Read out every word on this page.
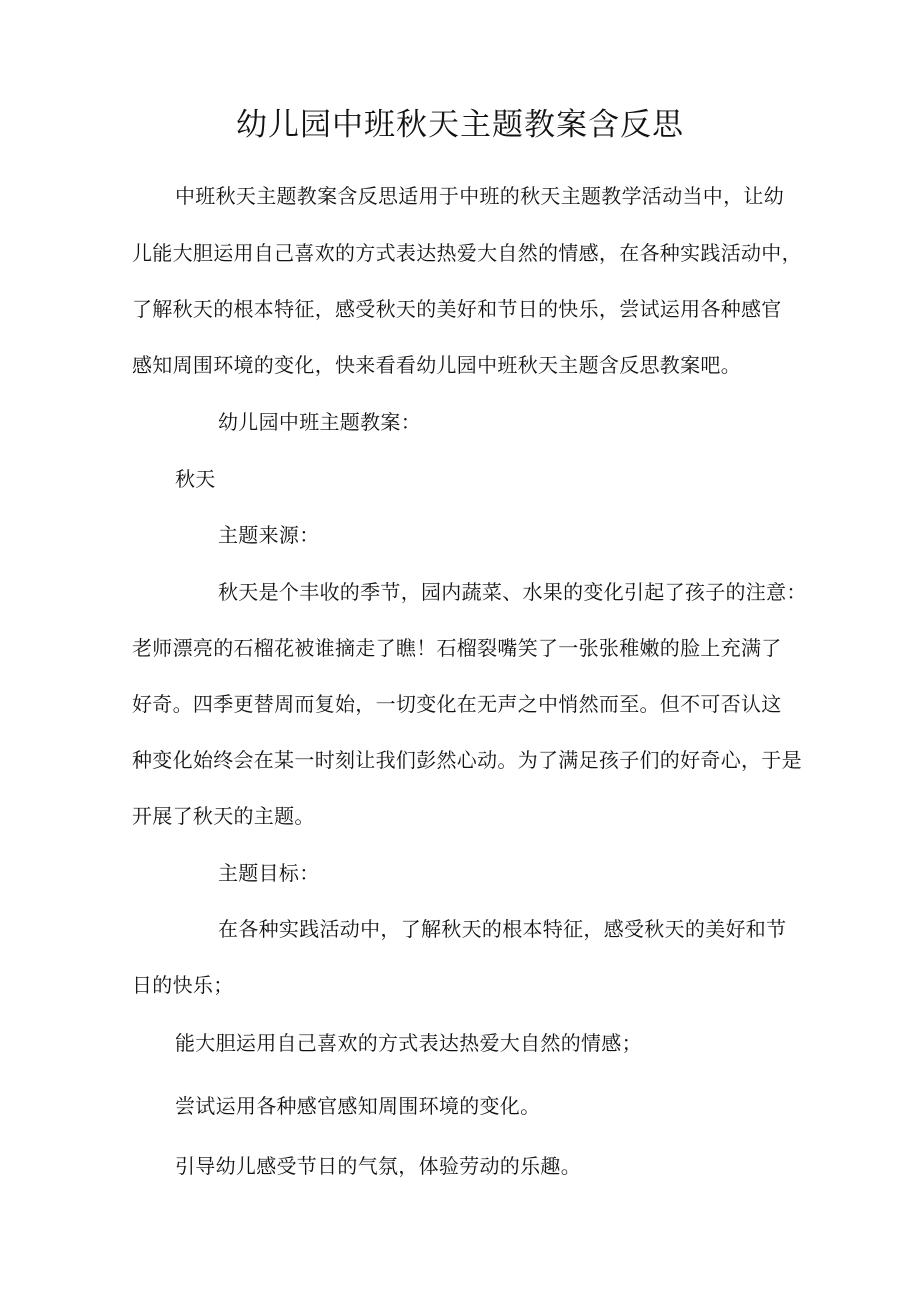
幼儿园中班秋天主题教案含反思
中班秋天主题教案含反思适用于中班的秋天主题教学活动当中，让幼
儿能大胆运用自己喜欢的方式表达热爱大自然的情感，在各种实践活动中，
了解秋天的根本特征，感受秋天的美好和节日的快乐，尝试运用各种感官
感知周围环境的变化，快来看看幼儿园中班秋天主题含反思教案吧。
幼儿园中班主题教案：
秋天
主题来源：
秋天是个丰收的季节，园内蔬菜、水果的变化引起了孩子的注意：
老师漂亮的石榴花被谁摘走了瞧！石榴裂嘴笑了一张张稚嫩的脸上充满了
好奇。四季更替周而复始，一切变化在无声之中悄然而至。但不可否认这
种变化始终会在某一时刻让我们彭然心动。为了满足孩子们的好奇心，于是
开展了秋天的主题。
主题目标：
在各种实践活动中，了解秋天的根本特征，感受秋天的美好和节
日的快乐；
能大胆运用自己喜欢的方式表达热爱大自然的情感；
尝试运用各种感官感知周围环境的变化。
引导幼儿感受节日的气氛，体验劳动的乐趣。
